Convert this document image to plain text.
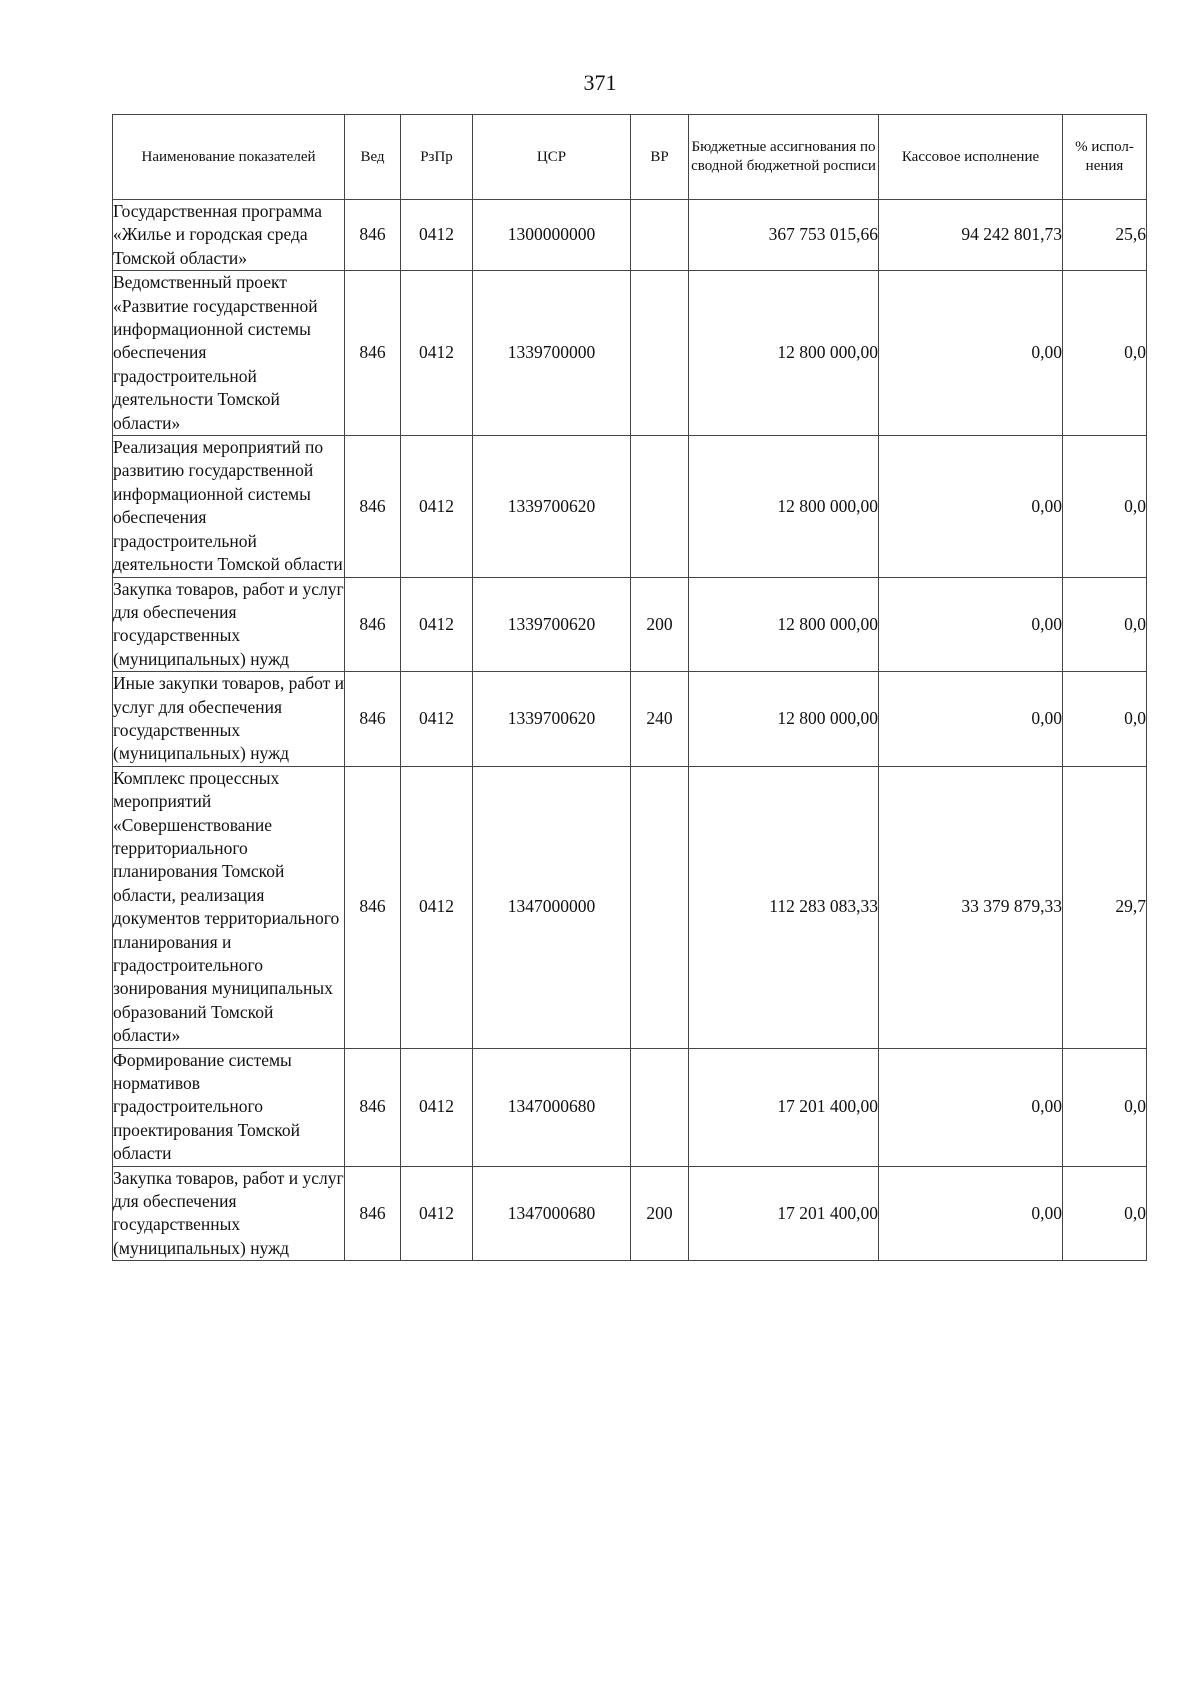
371
Наименование показателей	Вед	РзПр	ЦСР	ВР	Бюджетные ассигнования по сводной бюджетной росписи	Кассовое исполнение	% испол-нения
Государственная программа «Жилье и городская среда Томской области»	846	0412	1300000000		367 753 015,66	94 242 801,73	25,6
Ведомственный проект «Развитие государственной информационной системы обеспечения градостроительной деятельности Томской области»	846	0412	1339700000		12 800 000,00	0,00	0,0
Реализация мероприятий по развитию государственной информационной системы обеспечения градостроительной деятельности Томской области	846	0412	1339700620		12 800 000,00	0,00	0,0
Закупка товаров, работ и услуг для обеспечения государственных (муниципальных) нужд	846	0412	1339700620	200	12 800 000,00	0,00	0,0
Иные закупки товаров, работ и услуг для обеспечения государственных (муниципальных) нужд	846	0412	1339700620	240	12 800 000,00	0,00	0,0
Комплекс процессных мероприятий «Совершенствование территориального планирования Томской области, реализация документов территориального планирования и градостроительного зонирования муниципальных образований Томской области»	846	0412	1347000000		112 283 083,33	33 379 879,33	29,7
Формирование системы нормативов градостроительного проектирования Томской области	846	0412	1347000680		17 201 400,00	0,00	0,0
Закупка товаров, работ и услуг для обеспечения государственных (муниципальных) нужд	846	0412	1347000680	200	17 201 400,00	0,00	0,0
